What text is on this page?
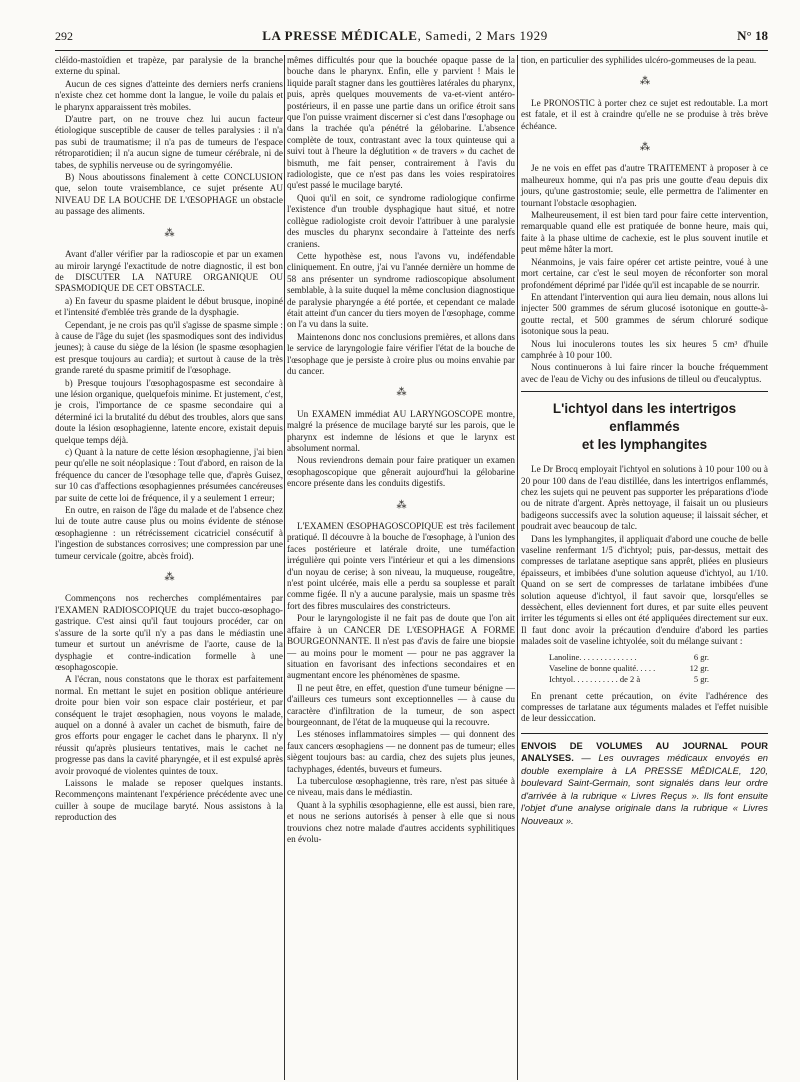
292	LA PRESSE MÉDICALE, Samedi, 2 Mars 1929	N° 18

cléïdo-mastoïdien et trapèze, par paralysie de la branche externe du spinal.

Aucun de ces signes d'atteinte des derniers nerfs craniens n'existe chez cet homme dont la langue, le voile du palais et le pharynx apparaissent très mobiles.

D'autre part, on ne trouve chez lui aucun facteur étiologique susceptible de causer de telles paralysies : il n'a pas subi de traumatisme; il n'a pas de tumeurs de l'espace rétroparotidien; il n'a aucun signe de tumeur cérébrale, ni de tabes, de syphilis nerveuse ou de syringomyélie.

B) Nous aboutissons finalement à cette CONCLUSION que, selon toute vraisemblance, ce sujet présente AU NIVEAU DE LA BOUCHE DE L'ŒSOPHAGE un obstacle au passage des aliments.

⁂

Avant d'aller vérifier par la radioscopie et par un examen au miroir laryngé l'exactitude de notre diagnostic, il est bon de DISCUTER LA NATURE ORGANIQUE OU SPASMODIQUE DE CET OBSTACLE.

a) En faveur du spasme plaident le début brusque, inopiné et l'intensité d'emblée très grande de la dysphagie.

Cependant, je ne crois pas qu'il s'agisse de spasme simple : à cause de l'âge du sujet (les spasmodiques sont des individus jeunes); à cause du siège de la lésion (le spasme œsophagien est presque toujours au cardia); et surtout à cause de la très grande rareté du spasme primitif de l'œsophage.

b) Presque toujours l'œsophagospasme est secondaire à une lésion organique, quelquefois minime. Et justement, c'est, je crois, l'importance de ce spasme secondaire qui a déterminé ici la brutalité du début des troubles, alors que sans doute la lésion œsophagienne, latente encore, existait depuis quelque temps déjà.

c) Quant à la nature de cette lésion œsophagienne, j'ai bien peur qu'elle ne soit néoplasique : Tout d'abord, en raison de la fréquence du cancer de l'œsophage telle que, d'après Guisez, sur 10 cas d'affections œsophagiennes présumées cancéreuses par suite de cette loi de fréquence, il y a seulement 1 erreur;

En outre, en raison de l'âge du malade et de l'absence chez lui de toute autre cause plus ou moins évidente de sténose œsophagienne : un rétrécissement cicatriciel consécutif à l'ingestion de substances corrosives; une compression par une tumeur cervicale (goitre, abcès froid).

⁂

Commençons nos recherches complémentaires par l'EXAMEN RADIOSCOPIQUE du trajet bucco-œsophago-gastrique. C'est ainsi qu'il faut toujours procéder, car on s'assure de la sorte qu'il n'y a pas dans le médiastin une tumeur et surtout un anévrisme de l'aorte, cause de la dysphagie et contre-indication formelle à une œsophagoscopie.

A l'écran, nous constatons que le thorax est parfaitement normal. En mettant le sujet en position oblique antérieure droite pour bien voir son espace clair postérieur, et par conséquent le trajet œsophagien, nous voyons le malade, auquel on a donné à avaler un cachet de bismuth, faire de gros efforts pour engager le cachet dans le pharynx. Il n'y réussit qu'après plusieurs tentatives, mais le cachet ne progresse pas dans la cavité pharyngée, et il est expulsé après avoir provoqué de violentes quintes de toux.

Laissons le malade se reposer quelques instants. Recommençons maintenant l'expérience précédente avec une cuiller à soupe de mucilage baryté. Nous assistons à la reproduction des

mêmes difficultés pour que la bouchée opaque passe de la bouche dans le pharynx. Enfin, elle y parvient ! Mais le liquide paraît stagner dans les gouttières latérales du pharynx, puis, après quelques mouvements de va-et-vient antéro-postérieurs, il en passe une partie dans un orifice étroit sans que l'on puisse vraiment discerner si c'est dans l'œsophage ou dans la trachée qu'a pénétré la gélobarine. L'absence complète de toux, contrastant avec la toux quinteuse qui a suivi tout à l'heure la déglutition « de travers » du cachet de bismuth, me fait penser, contrairement à l'avis du radiologiste, que ce n'est pas dans les voies respiratoires qu'est passé le mucilage baryté.

Quoi qu'il en soit, ce syndrome radiologique confirme l'existence d'un trouble dysphagique haut situé, et notre collègue radiologiste croit devoir l'attribuer à une paralysie des muscles du pharynx secondaire à l'atteinte des nerfs craniens.

Cette hypothèse est, nous l'avons vu, indéfendable cliniquement. En outre, j'ai vu l'année dernière un homme de 58 ans présenter un syndrome radioscopique absolument semblable, à la suite duquel la même conclusion diagnostique de paralysie pharyngée a été portée, et cependant ce malade était atteint d'un cancer du tiers moyen de l'œsophage, comme on l'a vu dans la suite.

Maintenons donc nos conclusions premières, et allons dans le service de laryngologie faire vérifier l'état de la bouche de l'œsophage que je persiste à croire plus ou moins envahie par du cancer.

⁂

Un EXAMEN immédiat AU LARYNGOSCOPE montre, malgré la présence de mucilage baryté sur les parois, que le pharynx est indemne de lésions et que le larynx est absolument normal.

Nous reviendrons demain pour faire pratiquer un examen œsophagoscopique que gênerait aujourd'hui la gélobarine encore présente dans les conduits digestifs.

⁂

L'EXAMEN ŒSOPHAGOSCOPIQUE est très facilement pratiqué. Il découvre à la bouche de l'œsophage, à l'union des faces postérieure et latérale droite, une tuméfaction irrégulière qui pointe vers l'intérieur et qui a les dimensions d'un noyau de cerise; à son niveau, la muqueuse, rougeâtre, n'est point ulcérée, mais elle a perdu sa souplesse et paraît comme figée. Il n'y a aucune paralysie, mais un spasme très fort des fibres musculaires des constricteurs.

Pour le laryngologiste il ne fait pas de doute que l'on ait affaire à un CANCER DE L'ŒSOPHAGE A FORME BOURGEONNANTE. Il n'est pas d'avis de faire une biopsie — au moins pour le moment — pour ne pas aggraver la situation en favorisant des infections secondaires et en augmentant encore les phénomènes de spasme.

Il ne peut être, en effet, question d'une tumeur bénigne — d'ailleurs ces tumeurs sont exceptionnelles — à cause du caractère d'infiltration de la tumeur, de son aspect bourgeonnant, de l'état de la muqueuse qui la recouvre.

Les sténoses inflammatoires simples — qui donnent des faux cancers œsophagiens — ne donnent pas de tumeur; elles siègent toujours bas: au cardia, chez des sujets plus jeunes, tachyphages, édentés, buveurs et fumeurs.

La tuberculose œsophagienne, très rare, n'est pas située à ce niveau, mais dans le médiastin.

Quant à la syphilis œsophagienne, elle est aussi, bien rare, et nous ne serions autorisés à penser à elle que si nous trouvions chez notre malade d'autres accidents syphilitiques en évolu-

tion, en particulier des syphilides ulcéro-gommeuses de la peau.

⁂

Le PRONOSTIC à porter chez ce sujet est redoutable. La mort est fatale, et il est à craindre qu'elle ne se produise à très brève échéance.

⁂

Je ne vois en effet pas d'autre TRAITEMENT à proposer à ce malheureux homme, qui n'a pas pris une goutte d'eau depuis dix jours, qu'une gastrostomie; seule, elle permettra de l'alimenter en tournant l'obstacle œsophagien.

Malheureusement, il est bien tard pour faire cette intervention, remarquable quand elle est pratiquée de bonne heure, mais qui, faite à la phase ultime de cachexie, est le plus souvent inutile et peut même hâter la mort.

Néanmoins, je vais faire opérer cet artiste peintre, voué à une mort certaine, car c'est le seul moyen de réconforter son moral profondément déprimé par l'idée qu'il est incapable de se nourrir.

En attendant l'intervention qui aura lieu demain, nous allons lui injecter 500 grammes de sérum glucosé isotonique en goutte-à-goutte rectal, et 500 grammes de sérum chloruré sodique isotonique sous la peau.

Nous lui inoculerons toutes les six heures 5 cm³ d'huile camphrée à 10 pour 100.

Nous continuerons à lui faire rincer la bouche fréquemment avec de l'eau de Vichy ou des infusions de tilleul ou d'eucalyptus.

L'ichtyol dans les intertrigos enflammés
et les lymphangites

Le Dr Brocq employait l'ichtyol en solutions à 10 pour 100 ou à 20 pour 100 dans de l'eau distillée, dans les intertrigos enflammés, chez les sujets qui ne peuvent pas supporter les préparations d'iode ou de nitrate d'argent. Après nettoyage, il faisait un ou plusieurs badigeons successifs avec la solution aqueuse; il laissait sécher, et poudrait avec beaucoup de talc.

Dans les lymphangites, il appliquait d'abord une couche de belle vaseline renfermant 1/5 d'ichtyol; puis, par-dessus, mettait des compresses de tarlatane aseptique sans apprêt, pliées en plusieurs épaisseurs, et imbibées d'une solution aqueuse d'ichtyol, au 1/10. Quand on se sert de compresses de tarlatane imbibées d'une solution aqueuse d'ichtyol, il faut savoir que, lorsqu'elles se dessèchent, elles deviennent fort dures, et par suite elles peuvent irriter les téguments si elles ont été appliquées directement sur eux. Il faut donc avoir la précaution d'enduire d'abord les parties malades soit de vaseline ichtyolée, soit du mélange suivant :

Lanoline. . . . . . . . . . . . . .	6 gr.
Vaseline de bonne qualité. . . . .	12 gr.
Ichtyol. . . . . . . . . . . de 2 à	5 gr.

En prenant cette précaution, on évite l'adhérence des compresses de tarlatane aux téguments malades et l'effet nuisible de leur dessiccation.

ENVOIS DE VOLUMES AU JOURNAL POUR ANALYSES. — Les ouvrages médicaux envoyés en double exemplaire à LA PRESSE MÉDICALE, 120, boulevard Saint-Germain, sont signalés dans leur ordre d'arrivée à la rubrique « Livres Reçus ». Ils font ensuite l'objet d'une analyse originale dans la rubrique « Livres Nouveaux ».
